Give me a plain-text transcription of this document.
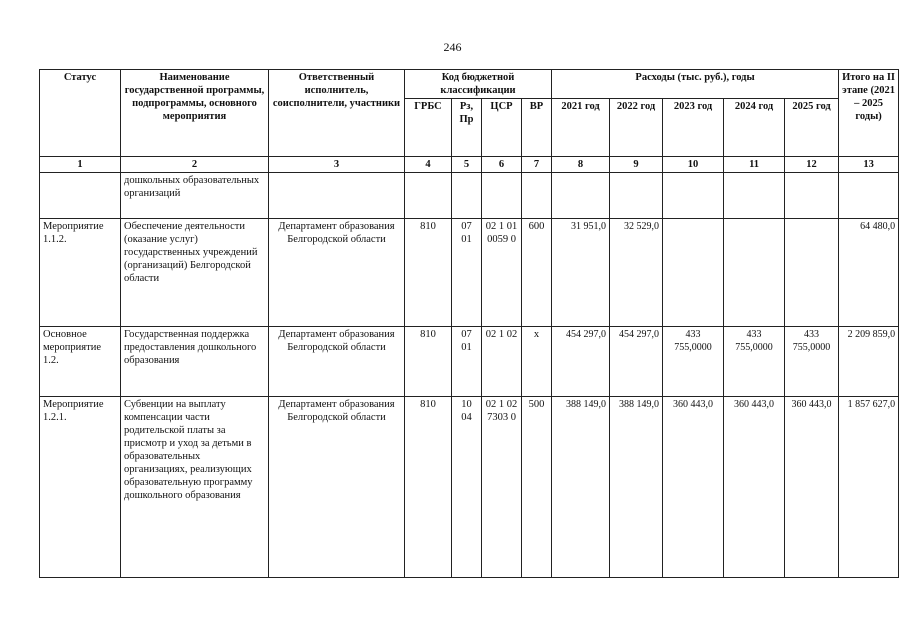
246
Статус	Наименование государственной программы, подпрограммы, основного мероприятия	Ответственный исполнитель, соисполнители, участники	Код бюджетной классификации				Расходы (тыс. руб.), годы					Итого на II этапе (2021 – 2025 годы)
			ГРБС	Рз, Пр	ЦСР	ВР	2021 год	2022 год	2023 год	2024 год	2025 год	
1	2	3	4	5	6	7	8	9	10	11	12	13
	дошкольных образовательных организаций											
Мероприятие 1.1.2.	Обеспечение деятельности (оказание услуг) государственных учреждений (организаций) Белгородской области	Департамент образования Белгородской области	810	07 01	02 1 01 0059 0	600	31 951,0	32 529,0				64 480,0
Основное мероприятие 1.2.	Государственная поддержка предоставления дошкольного образования	Департамент образования Белгородской области	810	07 01	02 1 02	х	454 297,0	454 297,0	433 755,0000	433 755,0000	433 755,0000	2 209 859,0
Мероприятие 1.2.1.	Субвенции на выплату компенсации части родительской платы за присмотр и уход за детьми в образовательных организациях, реализующих образовательную программу дошкольного образования	Департамент образования Белгородской области	810	10 04	02 1 02 7303 0	500	388 149,0	388 149,0	360 443,0	360 443,0	360 443,0	1 857 627,0
